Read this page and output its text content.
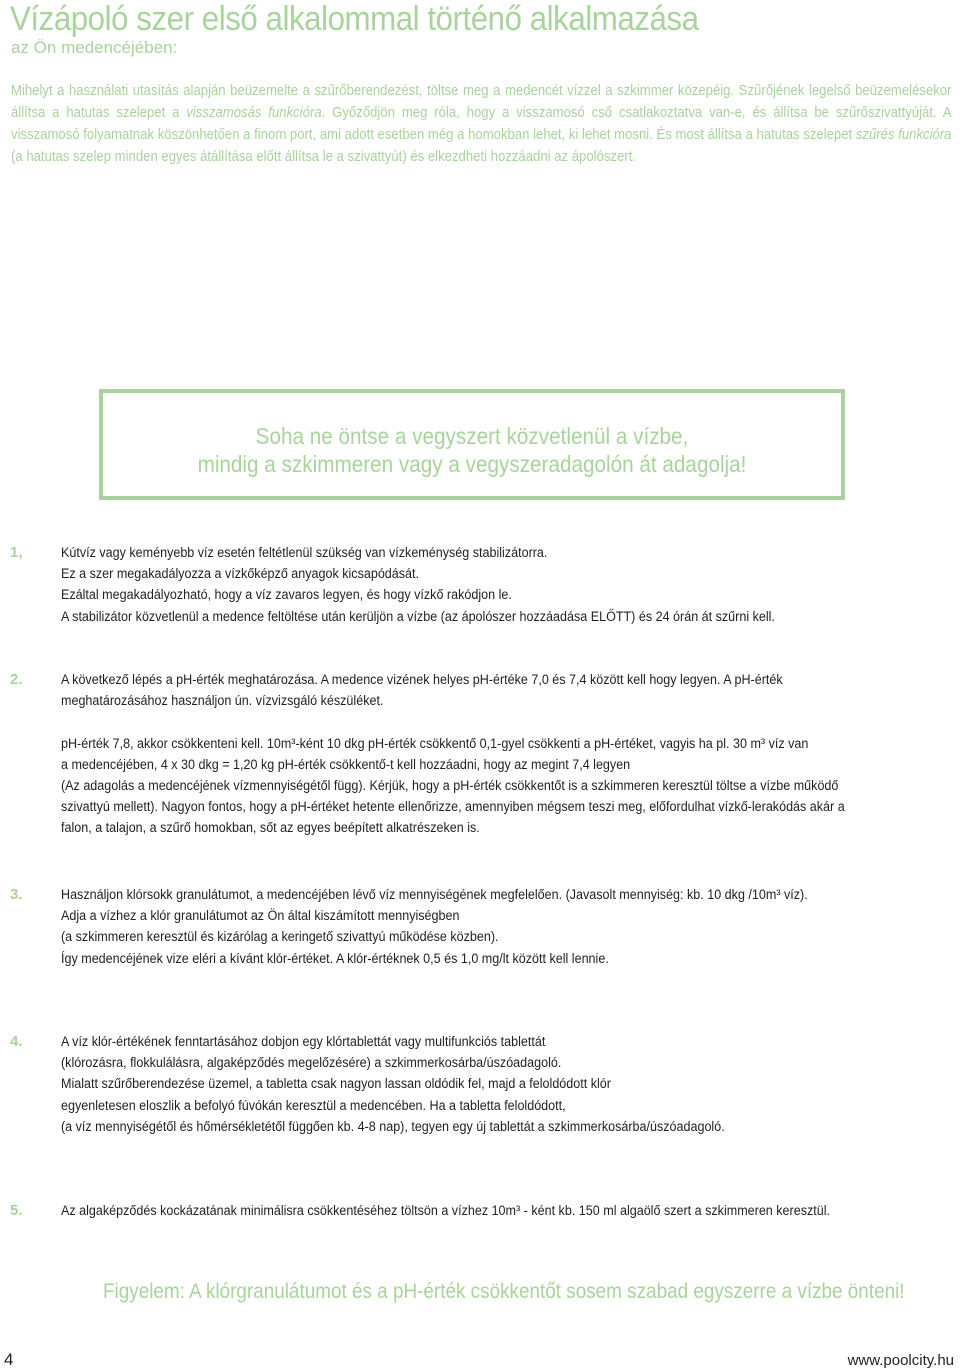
Vízápoló szer első alkalommal történő alkalmazása
az Ön medencéjében:
Mihelyt a használati utasítás alapján beüzemelte a szűrőberendezést, töltse meg a medencét vízzel a szkimmer közepéig. Szűrőjének legelső beüzemelésekor állítsa a hatutas szelepet a visszamosás funkcióra. Győződjön meg róla, hogy a visszamosó cső csatlakoztatva van-e, és állítsa be szűrőszivattyúját. A visszamosó folyamatnak köszönhetően a finom port, ami adott esetben még a homokban lehet, ki lehet mosni. És most állítsa a hatutas szelepet szűrés funkcióra (a hatutas szelep minden egyes átállítása előtt állítsa le a szivattyút) és elkezdheti hozzáadni az ápolószert.
Soha ne öntse a vegyszert közvetlenül a vízbe,
mindig a szkimmeren vagy a vegyszeradagolón át adagolja!
1,	Kútvíz vagy keményebb víz esetén feltétlenül szükség van vízkeménység stabilizátorra.
Ez a szer megakadályozza a vízkőképző anyagok kicsapódását.
Ezáltal megakadályozható, hogy a víz zavaros legyen, és hogy vízkő rakódjon le.
A stabilizátor közvetlenül a medence feltöltése után kerüljön a vízbe (az ápolószer hozzáadása ELŐTT) és 24 órán át szűrni kell.
2.	A következő lépés a pH-érték meghatározása. A medence vizének helyes pH-értéke 7,0 és 7,4 között kell hogy legyen. A pH-érték
meghatározásához használjon ún. vízvizsgáló készüléket.
pH-érték 7,8, akkor csökkenteni kell. 10m³-ként 10 dkg pH-érték csökkentő 0,1-gyel csökkenti a pH-értéket, vagyis ha pl. 30 m³ víz van
a medencéjében, 4 x 30 dkg = 1,20 kg pH-érték csökkentő-t kell hozzáadni, hogy az megint 7,4 legyen
(Az adagolás a medencéjének vízmennyiségétől függ). Kérjük, hogy a pH-érték csökkentőt is a szkimmeren keresztül töltse a vízbe működő
szivattyú mellett). Nagyon fontos, hogy a pH-értéket hetente ellenőrizze, amennyiben mégsem teszi meg, előfordulhat vízkő-lerakódás akár a
falon, a talajon, a szűrő homokban, sőt az egyes beépített alkatrészeken is.
3.	Használjon klórsokk granulátumot, a medencéjében lévő víz mennyiségének megfelelően. (Javasolt mennyiség: kb. 10 dkg /10m³ víz).
Adja a vízhez a klór granulátumot az Ön által kiszámított mennyiségben
(a szkimmeren keresztül és kizárólag a keringető szivattyú működése közben).
Így medencéjének vize eléri a kívánt klór-értéket. A klór-értéknek 0,5 és 1,0 mg/lt között kell lennie.
4.	A víz klór-értékének fenntartásához dobjon egy klórtablettát vagy multifunkciós tablettát
(klórozásra, flokkulálásra, algaképződés megelőzésére) a szkimmerkosárba/úszóadagoló.
Mialatt szűrőberendezése üzemel, a tabletta csak nagyon lassan oldódik fel, majd a feloldódott klór
egyenletesen eloszlik a befolyó fúvókán keresztül a medencében. Ha a tabletta feloldódott,
(a víz mennyiségétől és hőmérsékletétől függően kb. 4-8 nap), tegyen egy új tablettát a szkimmerkosárba/úszóadagoló.
5.	Az algaképződés kockázatának minimálisra csökkentéséhez töltsön a vízhez 10m³ - ként kb. 150 ml algaölő szert a szkimmeren keresztül.
Figyelem: A klórgranulátumot és a pH-érték csökkentőt sosem szabad egyszerre a vízbe önteni!
4	www.poolcity.hu
